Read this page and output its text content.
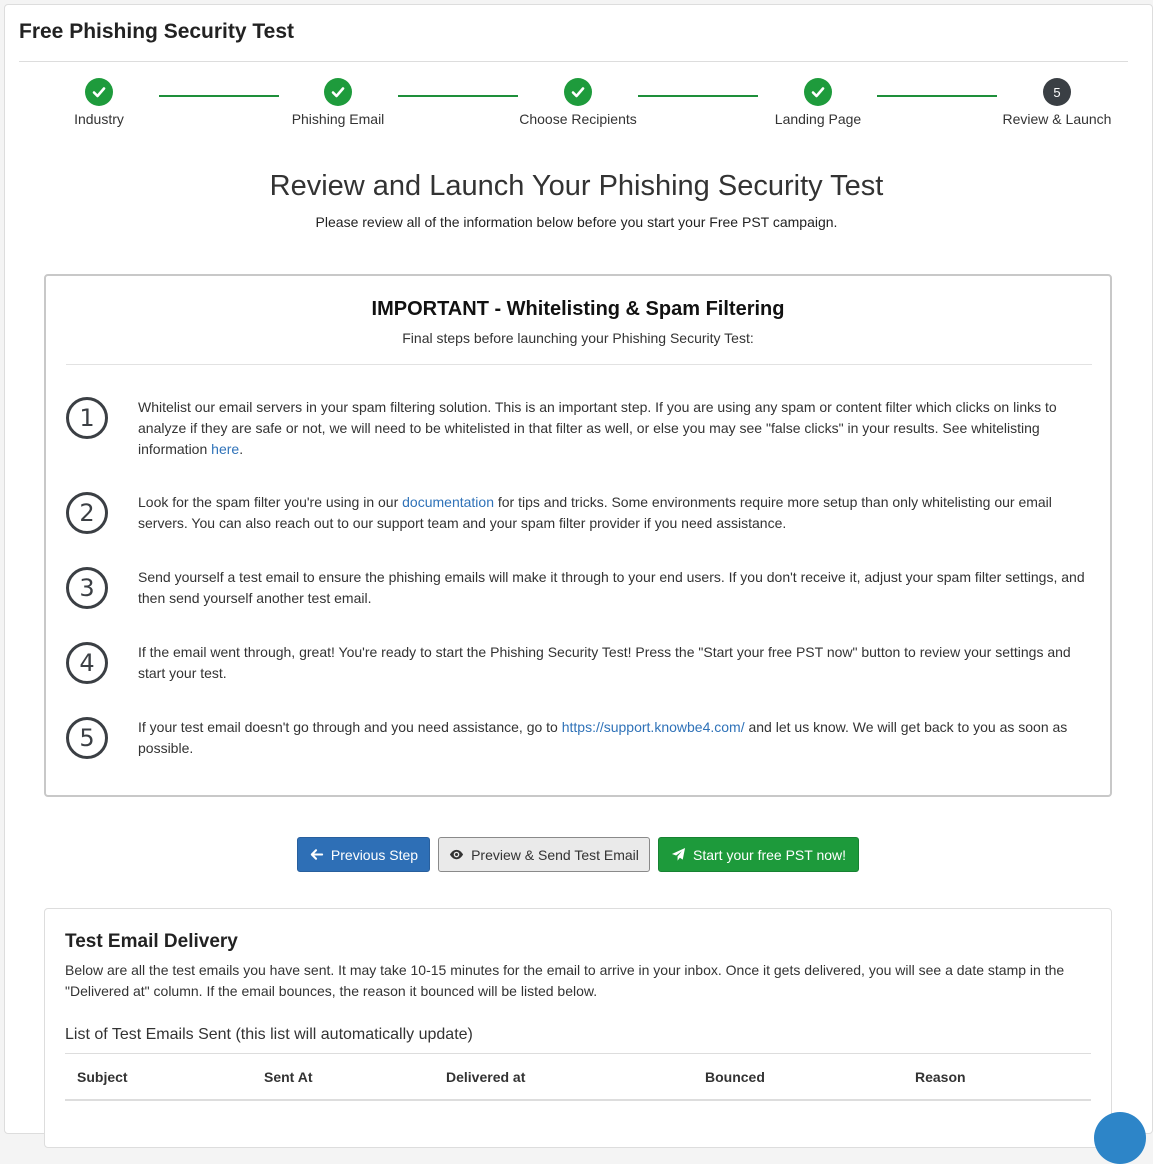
Free Phishing Security Test
Industry	Phishing Email	Choose Recipients	Landing Page
5
Review & Launch
Review and Launch Your Phishing Security Test
Please review all of the information below before you start your Free PST campaign.
IMPORTANT - Whitelisting & Spam Filtering
Final steps before launching your Phishing Security Test:
1	Whitelist our email servers in your spam filtering solution. This is an important step. If you are using any spam or content filter which clicks on links to analyze if they are safe or not, we will need to be whitelisted in that filter as well, or else you may see "false clicks" in your results. See whitelisting information here.
2	Look for the spam filter you're using in our documentation for tips and tricks. Some environments require more setup than only whitelisting our email servers. You can also reach out to our support team and your spam filter provider if you need assistance.
3	Send yourself a test email to ensure the phishing emails will make it through to your end users. If you don't receive it, adjust your spam filter settings, and then send yourself another test email.
4	If the email went through, great! You're ready to start the Phishing Security Test! Press the "Start your free PST now" button to review your settings and start your test.
5	If your test email doesn't go through and you need assistance, go to https://support.knowbe4.com/ and let us know. We will get back to you as soon as possible.
Previous Step	Preview & Send Test Email	Start your free PST now!
Test Email Delivery
Below are all the test emails you have sent. It may take 10-15 minutes for the email to arrive in your inbox. Once it gets delivered, you will see a date stamp in the "Delivered at" column. If the email bounces, the reason it bounced will be listed below.
List of Test Emails Sent (this list will automatically update)
Subject	Sent At	Delivered at	Bounced	Reason
